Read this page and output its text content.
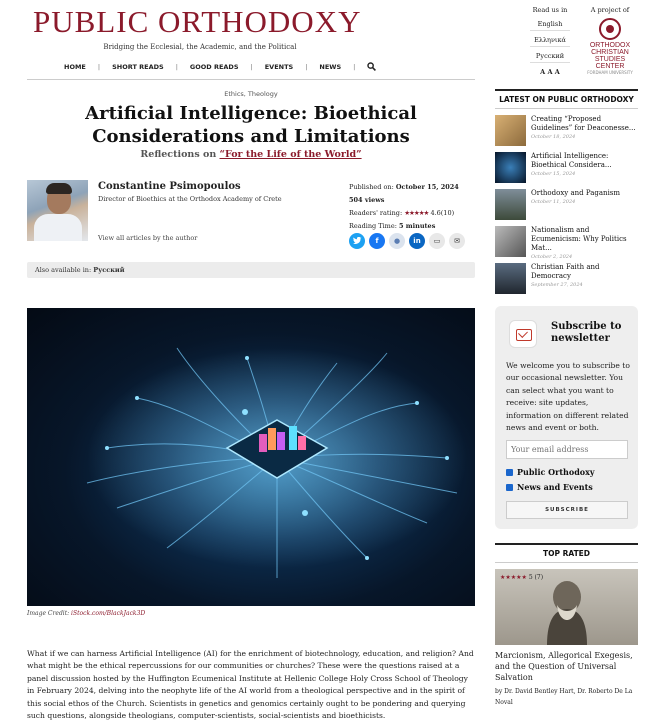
PUBLIC ORTHODOXY
Bridging the Ecclesial, the Academic, and the Political
HOME | SHORT READS | GOOD READS | EVENTS | NEWS |
Read us in
English
Ελληνικά
Русский
A A A
A project of
ORTHODOX
CHRISTIAN
STUDIES
CENTER
FORDHAM UNIVERSITY
Ethics, Theology
Artificial Intelligence: Bioethical Considerations and Limitations
Reflections on “For the Life of the World”
Constantine Psimopoulos
Director of Bioethics at the Orthodox Academy of Crete
View all articles by the author
Published on: October 15, 2024
504 views
Readers' rating: ★★★★★ 4.6(10)
Reading Time: 5 minutes
f	●	in	▭	✉
Also available in: Русский
Image Credit: iStock.com/BlackJack3D
What if we can harness Artificial Intelligence (AI) for the enrichment of biotechnology, education, and religion? And what might be the ethical repercussions for our communities or churches? These were the questions raised at a panel discussion hosted by the Huffington Ecumenical Institute at Hellenic College Holy Cross School of Theology in February 2024, delving into the neophyte life of the AI world from a theological perspective and in the spirit of this social ethos of the Church. Scientists in genetics and genomics certainly ought to be pondering and querying such questions, alongside theologians, computer-scientists, social-scientists and bioethicists.
LATEST ON PUBLIC ORTHODOXY
Creating “Proposed Guidelines” for Deaconesse...
October 18, 2024
Artificial Intelligence: Bioethical Considera...
October 15, 2024
Orthodoxy and Paganism
October 11, 2024
Nationalism and Ecumenicism: Why Politics Mat...
October 2, 2024
Christian Faith and Democracy
September 27, 2024
Subscribe to newsletter
We welcome you to subscribe to our occasional newsletter. You can select what you want to receive: site updates, information on different related news and event or both.
Your email address
Public Orthodoxy
News and Events
SUBSCRIBE
TOP RATED
★★★★★ 5 (7)
Marcionism, Allegorical Exegesis, and the Question of Universal Salvation
by Dr. David Bentley Hart, Dr. Roberto De La Noval
